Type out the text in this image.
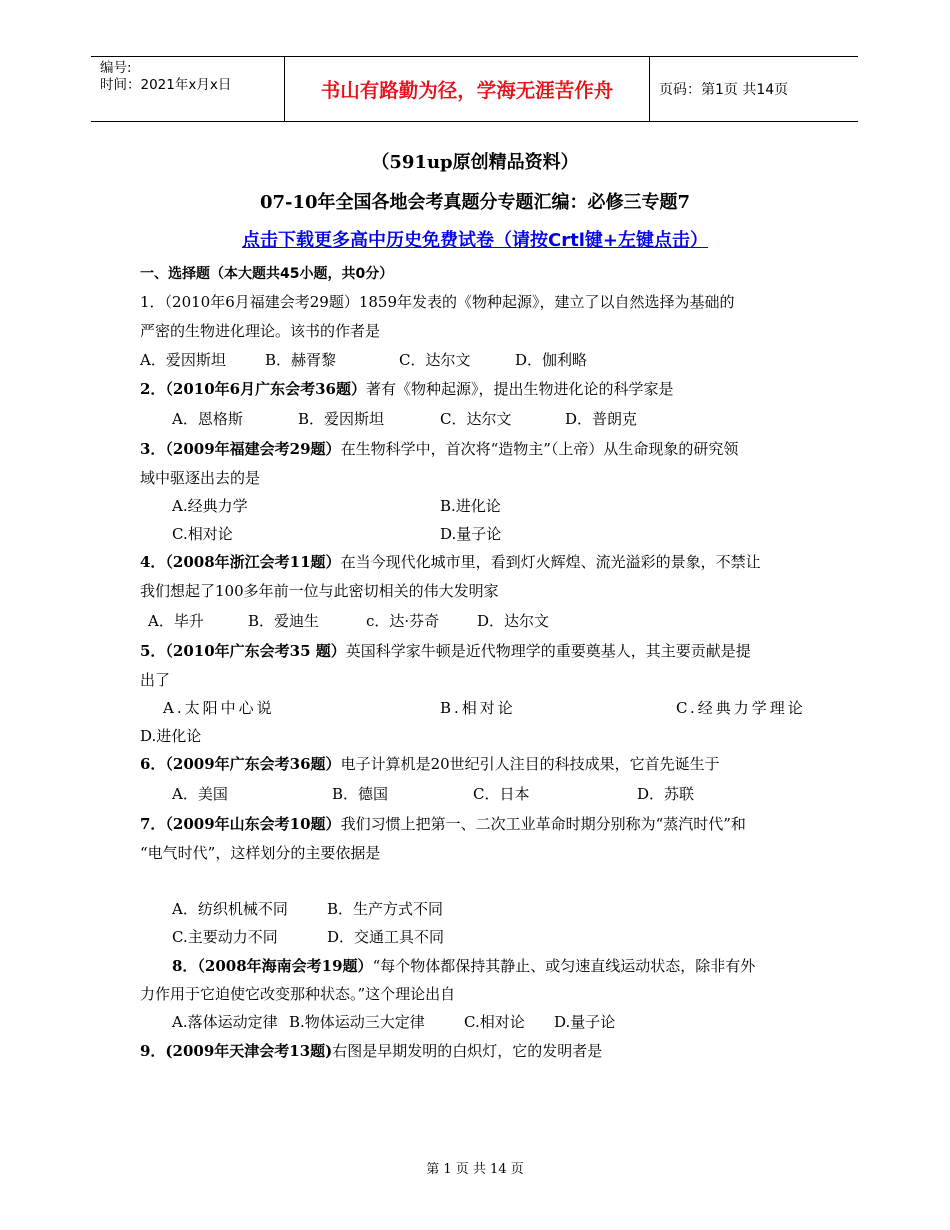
编号:
时间：2021年x月x日	书山有路勤为径，学海无涯苦作舟	页码：第1页 共14页
（591up原创精品资料）
07-10年全国各地会考真题分专题汇编：必修三专题7
点击下载更多高中历史免费试卷（请按Crtl键+左键点击）
一、选择题（本大题共45小题，共0分）
1．（2010年6月福建会考29题）1859年发表的《物种起源》，建立了以自然选择为基础的
严密的生物进化理论。该书的作者是
A．爱因斯坦	B．赫胥黎	C．达尔文	D．伽利略
2．（2010年6月广东会考36题）著有《物种起源》，提出生物进化论的科学家是
A．恩格斯	B．爱因斯坦	C．达尔文	D．普朗克
3．（2009年福建会考29题）在生物科学中，首次将“造物主”（上帝）从生命现象的研究领
域中驱逐出去的是
A.经典力学	B.进化论
C.相对论	D.量子论
4．（2008年浙江会考11题）在当今现代化城市里，看到灯火辉煌、流光溢彩的景象，不禁让
我们想起了100多年前一位与此密切相关的伟大发明家
A．毕升	B．爱迪生	c．达·芬奇	D．达尔文
5．（2010年广东会考35 题）英国科学家牛顿是近代物理学的重要奠基人，其主要贡献是提
出了
A.太阳中心说	B.相对论	C.经典力学理论
D.进化论
6．（2009年广东会考36题）电子计算机是20世纪引人注目的科技成果，它首先诞生于
A．美国	B．德国	C．日本	D．苏联
7．（2009年山东会考10题）我们习惯上把第一、二次工业革命时期分别称为“蒸汽时代”和
“电气时代”，这样划分的主要依据是
A．纺织机械不同	B．生产方式不同
C.主要动力不同	D．交通工具不同
8．（2008年海南会考19题）“每个物体都保持其静止、或匀速直线运动状态，除非有外
力作用于它迫使它改变那种状态。”这个理论出自
A.落体运动定律 B.物体运动三大定律	C.相对论 D.量子论
9．(2009年天津会考13题)右图是早期发明的白炽灯，它的发明者是
第 1 页 共 14 页
